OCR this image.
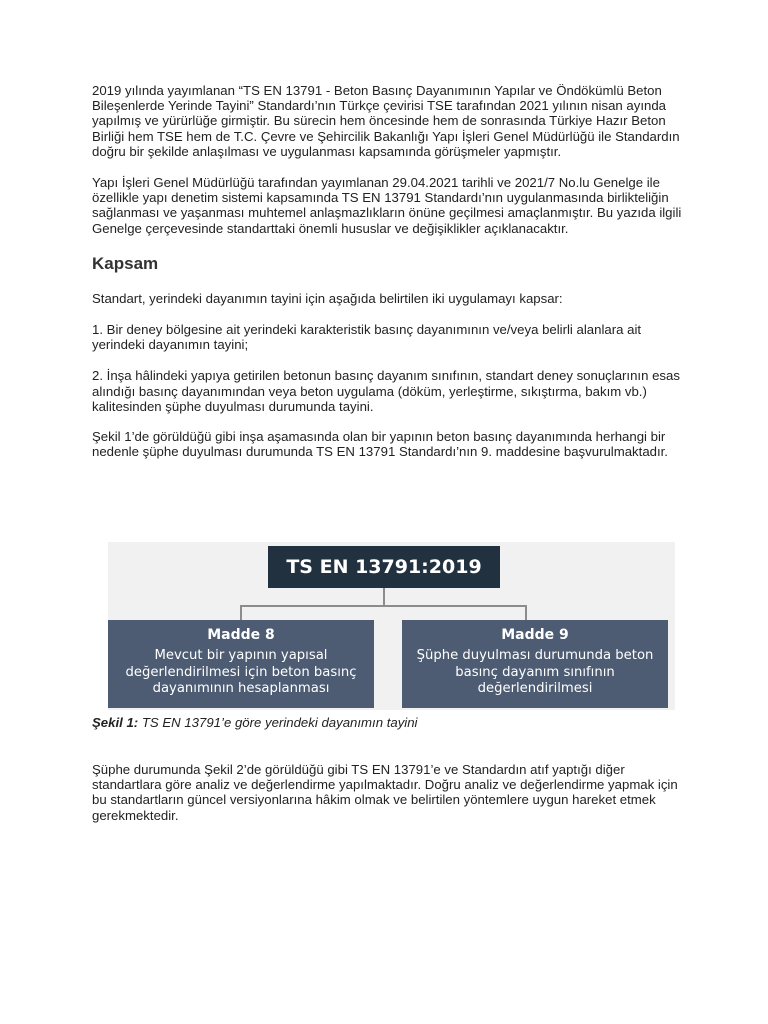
2019 yılında yayımlanan “TS EN 13791 - Beton Basınç Dayanımının Yapılar ve Öndökümlü Beton Bileşenlerde Yerinde Tayini” Standardı’nın Türkçe çevirisi TSE tarafından 2021 yılının nisan ayında yapılmış ve yürürlüğe girmiştir. Bu sürecin hem öncesinde hem de sonrasında Türkiye Hazır Beton Birliği hem TSE hem de T.C. Çevre ve Şehircilik Bakanlığı Yapı İşleri Genel Müdürlüğü ile Standardın doğru bir şekilde anlaşılması ve uygulanması kapsamında görüşmeler yapmıştır.

Yapı İşleri Genel Müdürlüğü tarafından yayımlanan 29.04.2021 tarihli ve 2021/7 No.lu Genelge ile özellikle yapı denetim sistemi kapsamında TS EN 13791 Standardı’nın uygulanmasında birlikteliğin sağlanması ve yaşanması muhtemel anlaşmazlıkların önüne geçilmesi amaçlanmıştır. Bu yazıda ilgili Genelge çerçevesinde standarttaki önemli hususlar ve değişiklikler açıklanacaktır.

Kapsam

Standart, yerindeki dayanımın tayini için aşağıda belirtilen iki uygulamayı kapsar:

1. Bir deney bölgesine ait yerindeki karakteristik basınç dayanımının ve/veya belirli alanlara ait yerindeki dayanımın tayini;

2. İnşa hâlindeki yapıya getirilen betonun basınç dayanım sınıfının, standart deney sonuçlarının esas alındığı basınç dayanımından veya beton uygulama (döküm, yerleştirme, sıkıştırma, bakım vb.) kalitesinden şüphe duyulması durumunda tayini.

Şekil 1’de görüldüğü gibi inşa aşamasında olan bir yapının beton basınç dayanımında herhangi bir nedenle şüphe duyulması durumunda TS EN 13791 Standardı’nın 9. maddesine başvurulmaktadır.

TS EN 13791:2019
Madde 8
Mevcut bir yapının yapısal değerlendirilmesi için beton basınç dayanımının hesaplanması
Madde 9
Şüphe duyulması durumunda beton basınç dayanım sınıfının değerlendirilmesi
Şekil 1: TS EN 13791’e göre yerindeki dayanımın tayini

Şüphe durumunda Şekil 2’de görüldüğü gibi TS EN 13791’e ve Standardın atıf yaptığı diğer standartlara göre analiz ve değerlendirme yapılmaktadır. Doğru analiz ve değerlendirme yapmak için bu standartların güncel versiyonlarına hâkim olmak ve belirtilen yöntemlere uygun hareket etmek gerekmektedir.
